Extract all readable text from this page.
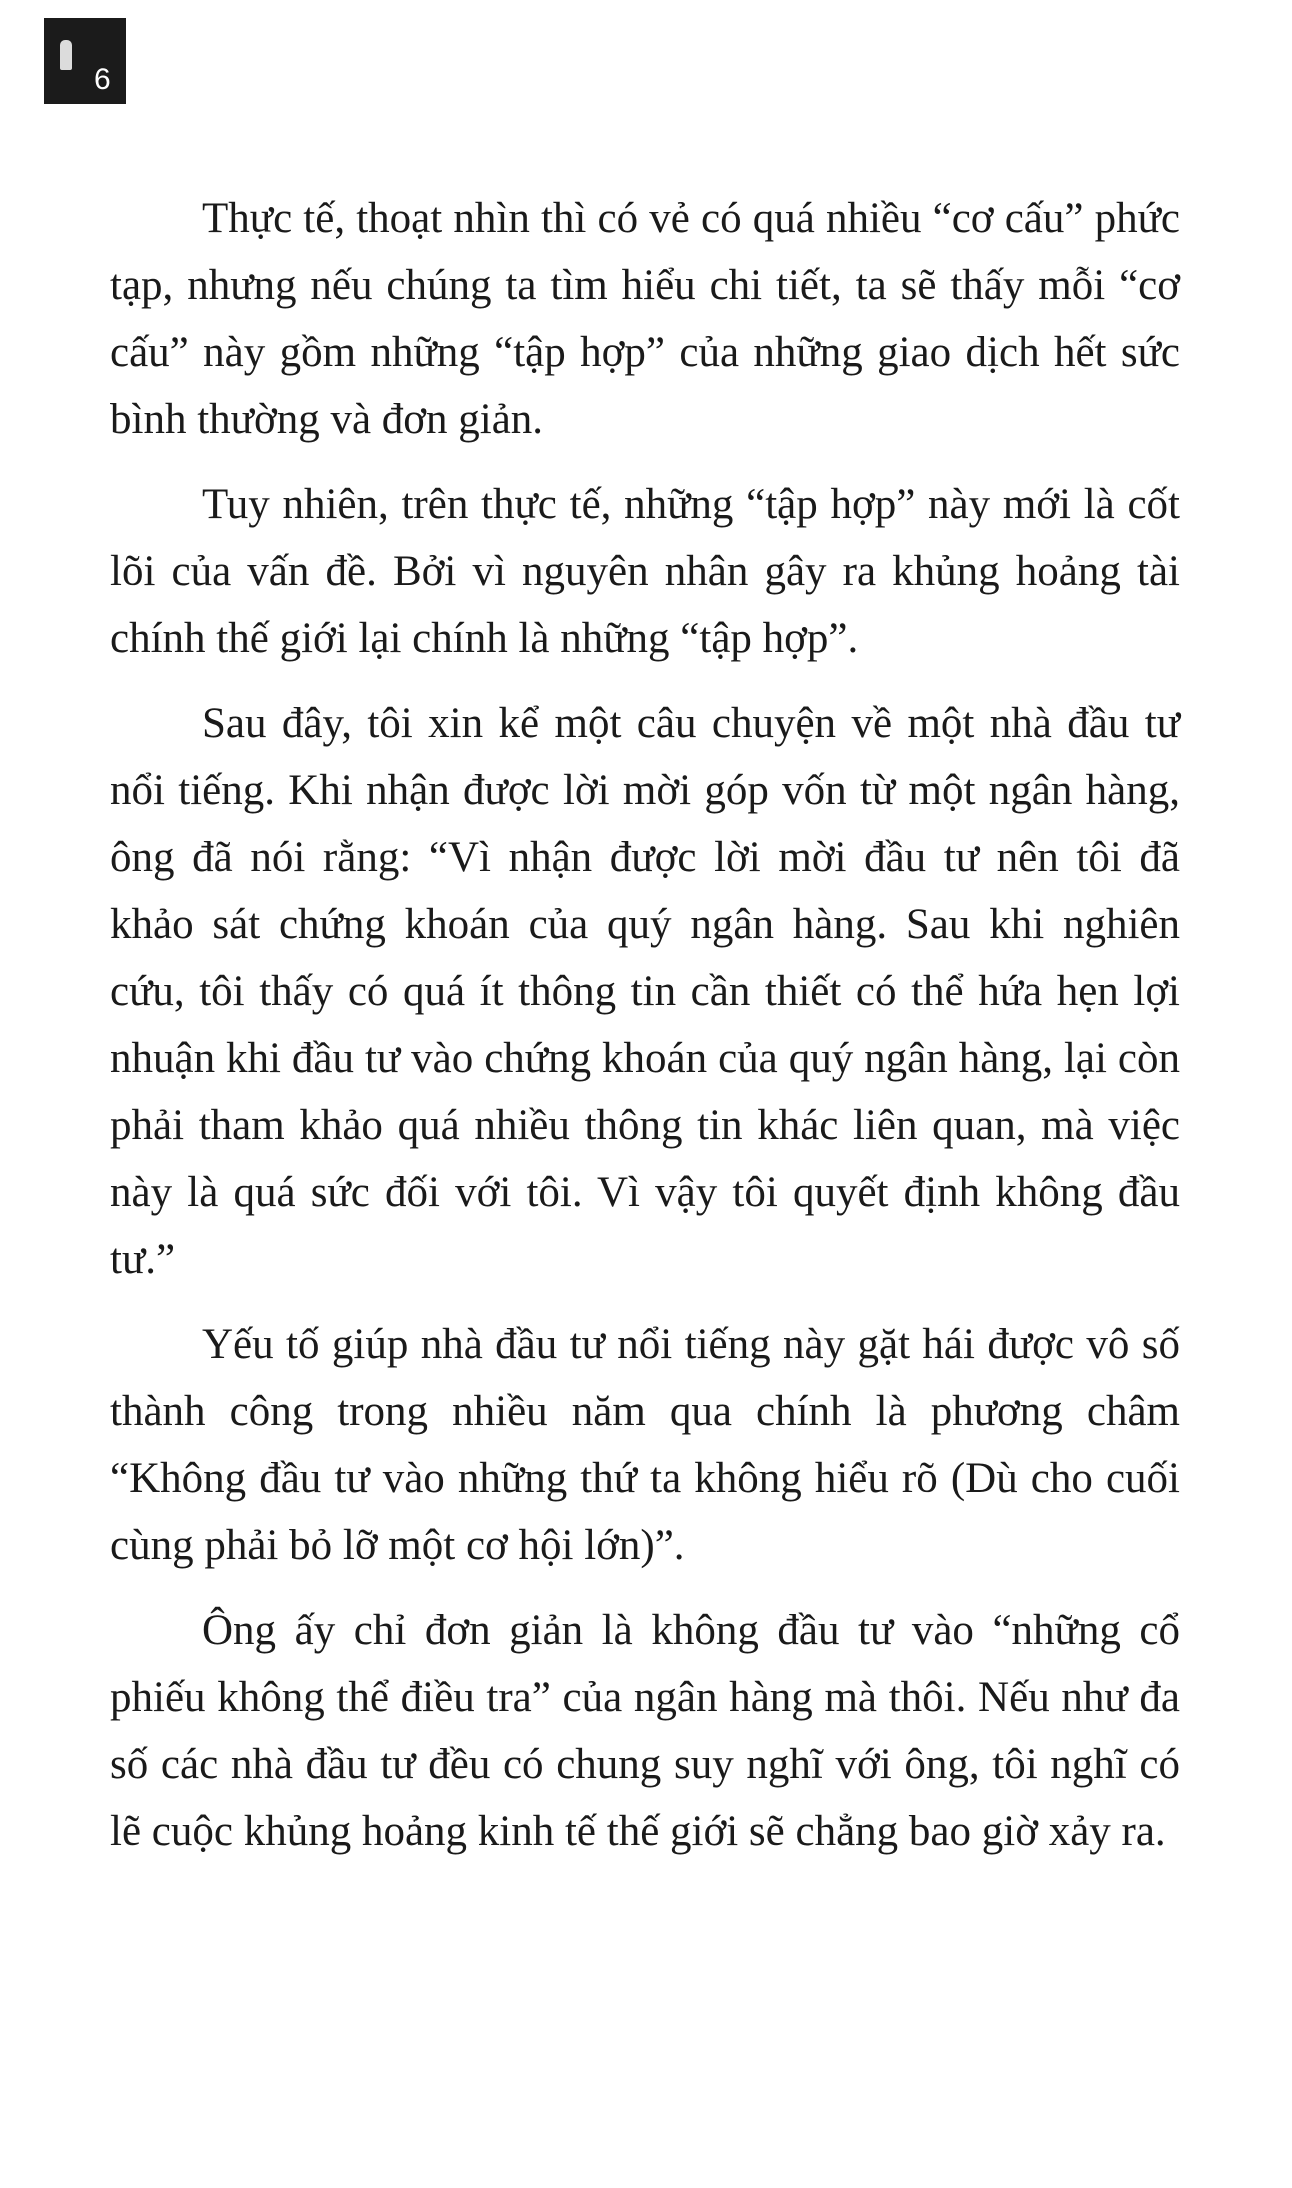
6

Thực tế, thoạt nhìn thì có vẻ có quá nhiều “cơ cấu” phức tạp, nhưng nếu chúng ta tìm hiểu chi tiết, ta sẽ thấy mỗi “cơ cấu” này gồm những “tập hợp” của những giao dịch hết sức bình thường và đơn giản.

Tuy nhiên, trên thực tế, những “tập hợp” này mới là cốt lõi của vấn đề. Bởi vì nguyên nhân gây ra khủng hoảng tài chính thế giới lại chính là những “tập hợp”.

Sau đây, tôi xin kể một câu chuyện về một nhà đầu tư nổi tiếng. Khi nhận được lời mời góp vốn từ một ngân hàng, ông đã nói rằng: “Vì nhận được lời mời đầu tư nên tôi đã khảo sát chứng khoán của quý ngân hàng. Sau khi nghiên cứu, tôi thấy có quá ít thông tin cần thiết có thể hứa hẹn lợi nhuận khi đầu tư vào chứng khoán của quý ngân hàng, lại còn phải tham khảo quá nhiều thông tin khác liên quan, mà việc này là quá sức đối với tôi. Vì vậy tôi quyết định không đầu tư.”

Yếu tố giúp nhà đầu tư nổi tiếng này gặt hái được vô số thành công trong nhiều năm qua chính là phương châm “Không đầu tư vào những thứ ta không hiểu rõ (Dù cho cuối cùng phải bỏ lỡ một cơ hội lớn)”.

Ông ấy chỉ đơn giản là không đầu tư vào “những cổ phiếu không thể điều tra” của ngân hàng mà thôi. Nếu như đa số các nhà đầu tư đều có chung suy nghĩ với ông, tôi nghĩ có lẽ cuộc khủng hoảng kinh tế thế giới sẽ chẳng bao giờ xảy ra.
